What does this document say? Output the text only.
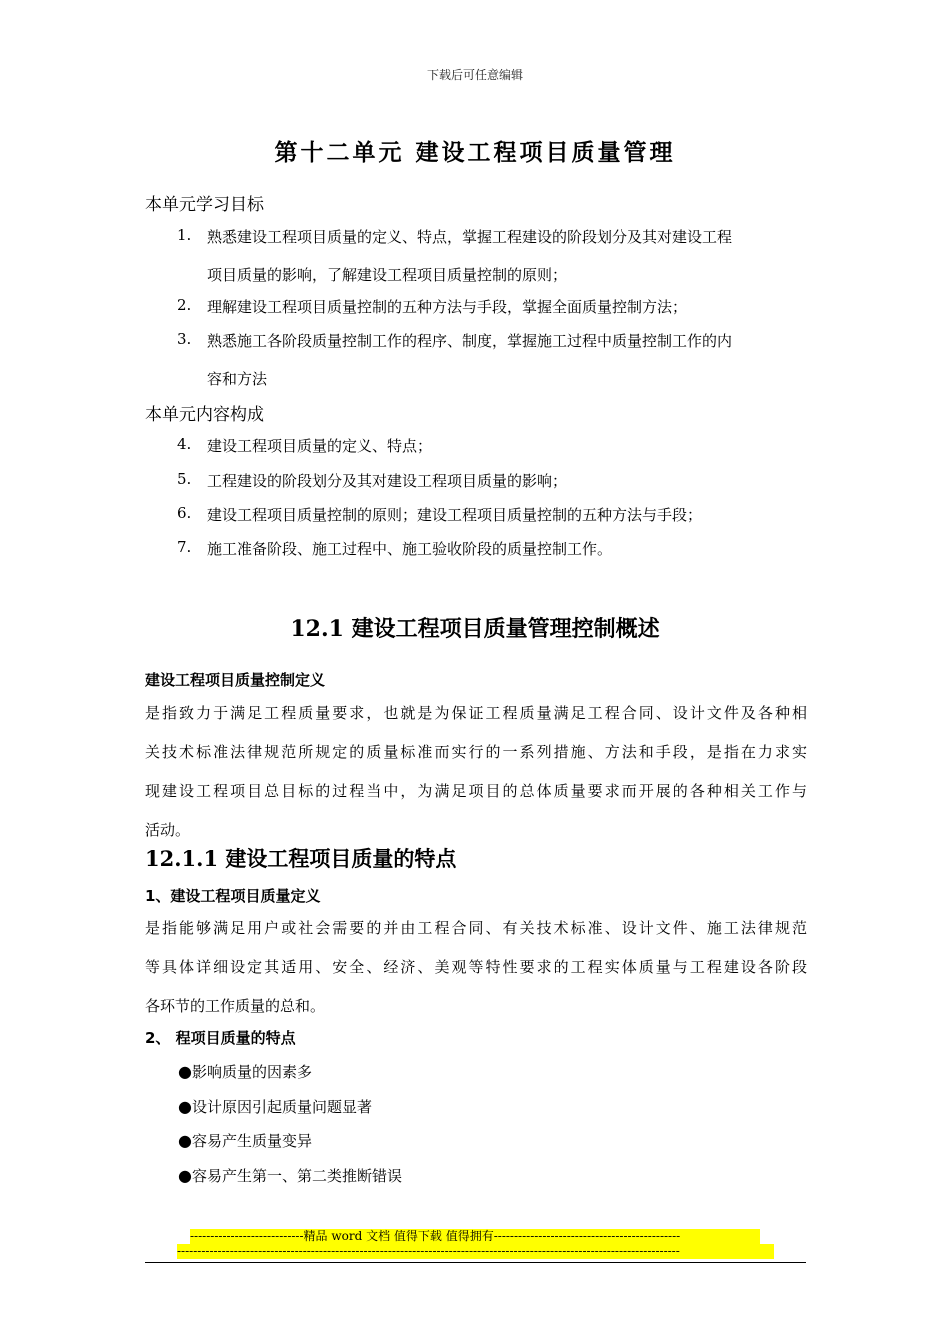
下载后可任意编辑
第十二单元 建设工程项目质量管理
本单元学习目标
1. 熟悉建设工程项目质量的定义、特点，掌握工程建设的阶段划分及其对建设工程
项目质量的影响，了解建设工程项目质量控制的原则；
2. 理解建设工程项目质量控制的五种方法与手段，掌握全面质量控制方法；
3. 熟悉施工各阶段质量控制工作的程序、制度，掌握施工过程中质量控制工作的内
容和方法
本单元内容构成
4. 建设工程项目质量的定义、特点；
5. 工程建设的阶段划分及其对建设工程项目质量的影响；
6. 建设工程项目质量控制的原则；建设工程项目质量控制的五种方法与手段；
7. 施工准备阶段、施工过程中、施工验收阶段的质量控制工作。
12.1 建设工程项目质量管理控制概述
建设工程项目质量控制定义
是指致力于满足工程质量要求，也就是为保证工程质量满足工程合同、设计文件及各种相
关技术标准法律规范所规定的质量标准而实行的一系列措施、方法和手段，是指在力求实
现建设工程项目总目标的过程当中，为满足项目的总体质量要求而开展的各种相关工作与
活动。
12.1.1 建设工程项目质量的特点
1、建设工程项目质量定义
是指能够满足用户或社会需要的并由工程合同、有关技术标准、设计文件、施工法律规范
等具体详细设定其适用、安全、经济、美观等特性要求的工程实体质量与工程建设各阶段
各环节的工作质量的总和。
2、 程项目质量的特点
●影响质量的因素多
●设计原因引起质量问题显著
●容易产生质量变异
●容易产生第一、第二类推断错误
----------------------------精品 word 文档 值得下载 值得拥有----------------------------------------------
----------------------------------------------------------------------------------------------------------------------------
